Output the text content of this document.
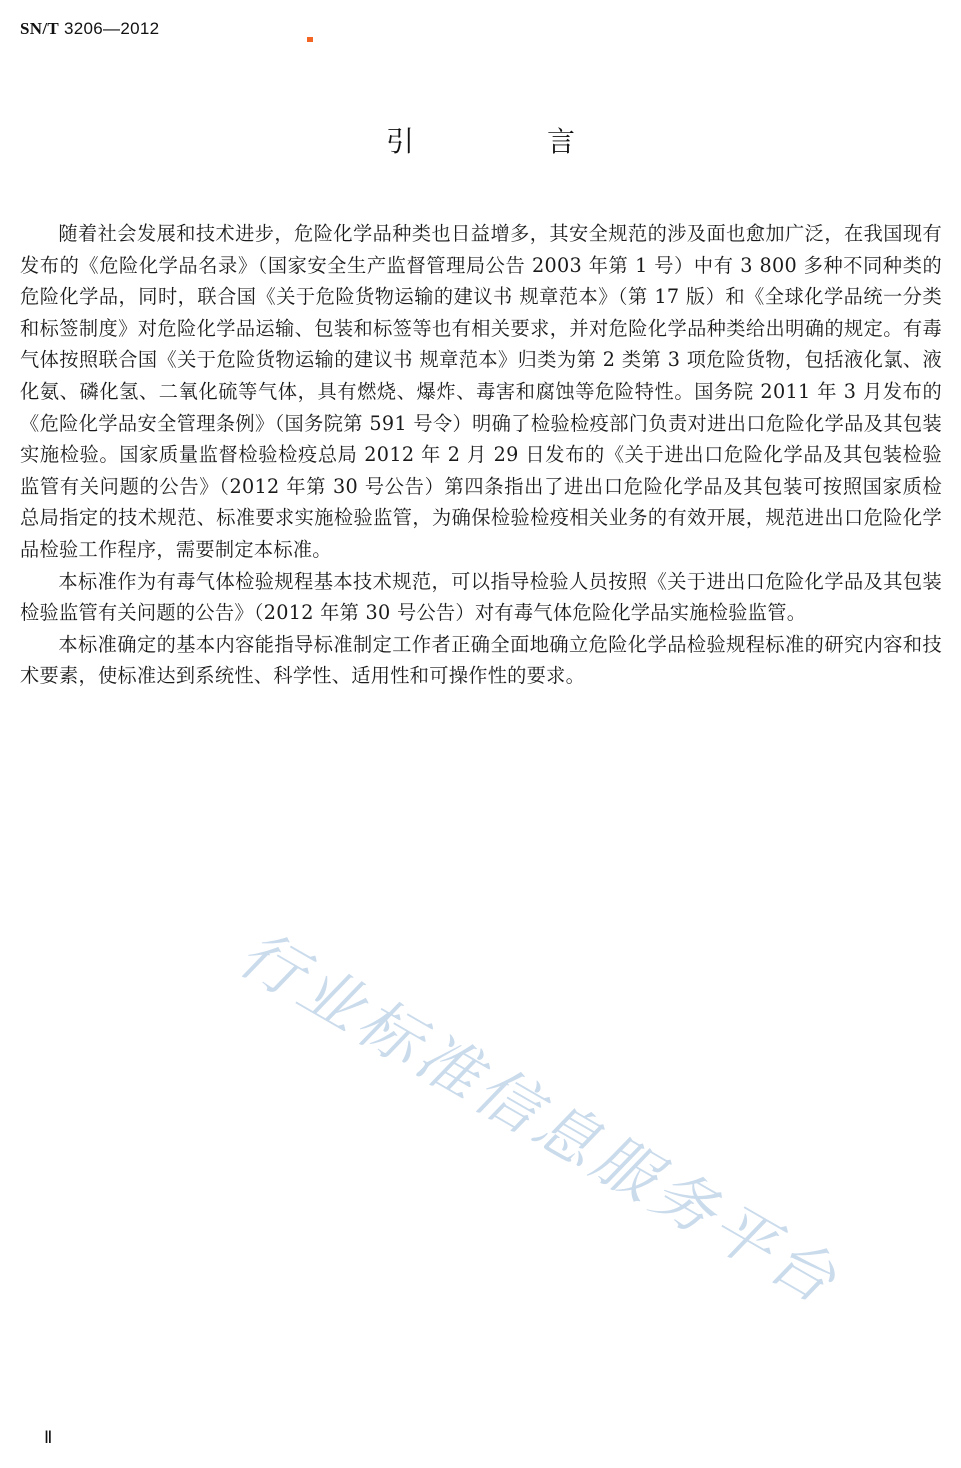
SN/T 3206—2012
引 言

随着社会发展和技术进步，危险化学品种类也日益增多，其安全规范的涉及面也愈加广泛，在我国现有发布的《危险化学品名录》（国家安全生产监督管理局公告 2003 年第 1 号）中有 3 800 多种不同种类的危险化学品，同时，联合国《关于危险货物运输的建议书 规章范本》（第 17 版）和《全球化学品统一分类和标签制度》对危险化学品运输、包装和标签等也有相关要求，并对危险化学品种类给出明确的规定。有毒气体按照联合国《关于危险货物运输的建议书 规章范本》归类为第 2 类第 3 项危险货物，包括液化氯、液化氨、磷化氢、二氧化硫等气体，具有燃烧、爆炸、毒害和腐蚀等危险特性。国务院 2011 年 3 月发布的《危险化学品安全管理条例》（国务院第 591 号令）明确了检验检疫部门负责对进出口危险化学品及其包装实施检验。国家质量监督检验检疫总局 2012 年 2 月 29 日发布的《关于进出口危险化学品及其包装检验监管有关问题的公告》（2012 年第 30 号公告）第四条指出了进出口危险化学品及其包装可按照国家质检总局指定的技术规范、标准要求实施检验监管，为确保检验检疫相关业务的有效开展，规范进出口危险化学品检验工作程序，需要制定本标准。

本标准作为有毒气体检验规程基本技术规范，可以指导检验人员按照《关于进出口危险化学品及其包装检验监管有关问题的公告》（2012 年第 30 号公告）对有毒气体危险化学品实施检验监管。

本标准确定的基本内容能指导标准制定工作者正确全面地确立危险化学品检验规程标准的研究内容和技术要素，使标准达到系统性、科学性、适用性和可操作性的要求。

行业标准信息服务平台
Ⅱ
